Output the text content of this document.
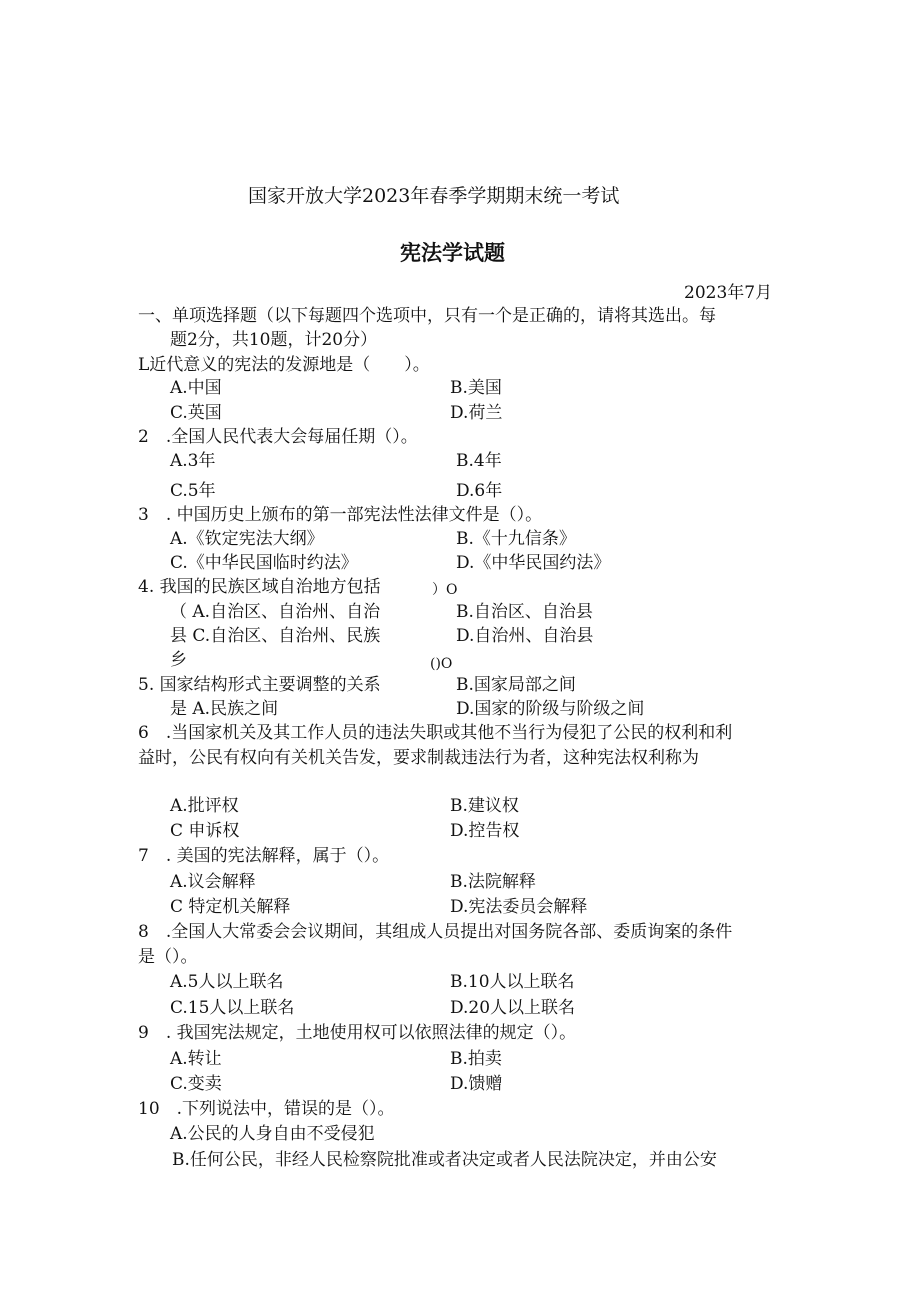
国家开放大学2023年春季学期期末统一考试
宪法学试题
2023年7月
一、单项选择题（以下每题四个选项中，只有一个是正确的，请将其选出。每
题2分，共10题，计20分）
L近代意义的宪法的发源地是（　　）。
A.中国	B.美国
C.英国	D.荷兰
2　.全国人民代表大会每届任期（）。
A.3年	B.4年
C.5年	D.6年
3　. 中国历史上颁布的第一部宪法性法律文件是（）。
A.《钦定宪法大纲》	B.《十九信条》
C.《中华民国临时约法》	D.《中华民国约法》
4. 我国的民族区域自治地方包括	）O
（ A.自治区、自治州、自治	B.自治区、自治县
县 C.自治区、自治州、民族	D.自治州、自治县
乡	()O
5. 国家结构形式主要调整的关系	B.国家局部之间
是 A.民族之间	D.国家的阶级与阶级之间
6　.当国家机关及其工作人员的违法失职或其他不当行为侵犯了公民的权利和利
益时，公民有权向有关机关告发，要求制裁违法行为者，这种宪法权利称为
A.批评权	B.建议权
C 申诉权	D.控告权
7　. 美国的宪法解释，属于（）。
A.议会解释	B.法院解释
C 特定机关解释	D.宪法委员会解释
8　.全国人大常委会会议期间，其组成人员提出对国务院各部、委质询案的条件
是（）。
A.5人以上联名	B.10人以上联名
C.15人以上联名	D.20人以上联名
9　. 我国宪法规定，土地使用权可以依照法律的规定（）。
A.转让	B.拍卖
C.变卖	D.馈赠
10　.下列说法中，错误的是（）。
A.公民的人身自由不受侵犯
B.任何公民，非经人民检察院批准或者决定或者人民法院决定，并由公安
